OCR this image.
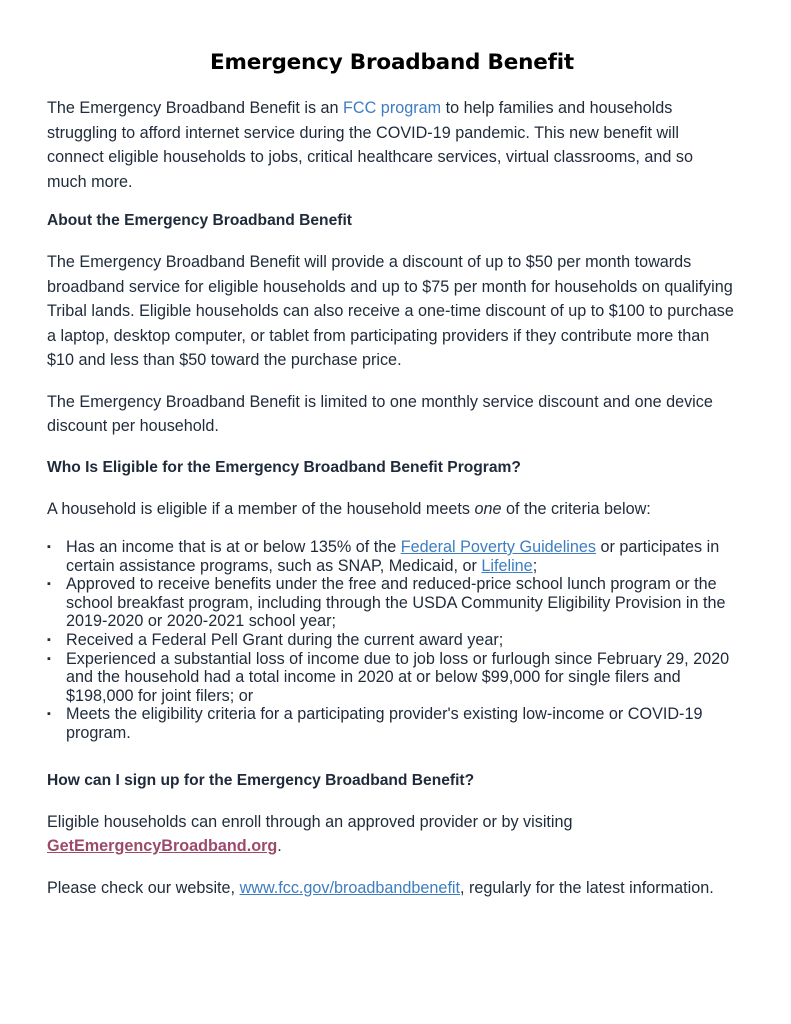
Emergency Broadband Benefit

The Emergency Broadband Benefit is an FCC program to help families and households struggling to afford internet service during the COVID-19 pandemic. This new benefit will connect eligible households to jobs, critical healthcare services, virtual classrooms, and so much more.

About the Emergency Broadband Benefit

The Emergency Broadband Benefit will provide a discount of up to $50 per month towards broadband service for eligible households and up to $75 per month for households on qualifying Tribal lands. Eligible households can also receive a one-time discount of up to $100 to purchase a laptop, desktop computer, or tablet from participating providers if they contribute more than $10 and less than $50 toward the purchase price.

The Emergency Broadband Benefit is limited to one monthly service discount and one device discount per household.

Who Is Eligible for the Emergency Broadband Benefit Program?

A household is eligible if a member of the household meets one of the criteria below:

▪ Has an income that is at or below 135% of the Federal Poverty Guidelines or participates in certain assistance programs, such as SNAP, Medicaid, or Lifeline;
▪ Approved to receive benefits under the free and reduced-price school lunch program or the school breakfast program, including through the USDA Community Eligibility Provision in the 2019-2020 or 2020-2021 school year;
▪ Received a Federal Pell Grant during the current award year;
▪ Experienced a substantial loss of income due to job loss or furlough since February 29, 2020 and the household had a total income in 2020 at or below $99,000 for single filers and $198,000 for joint filers; or
▪ Meets the eligibility criteria for a participating provider's existing low-income or COVID-19 program.
How can I sign up for the Emergency Broadband Benefit?

Eligible households can enroll through an approved provider or by visiting GetEmergencyBroadband.org.

Please check our website, www.fcc.gov/broadbandbenefit, regularly for the latest information.
